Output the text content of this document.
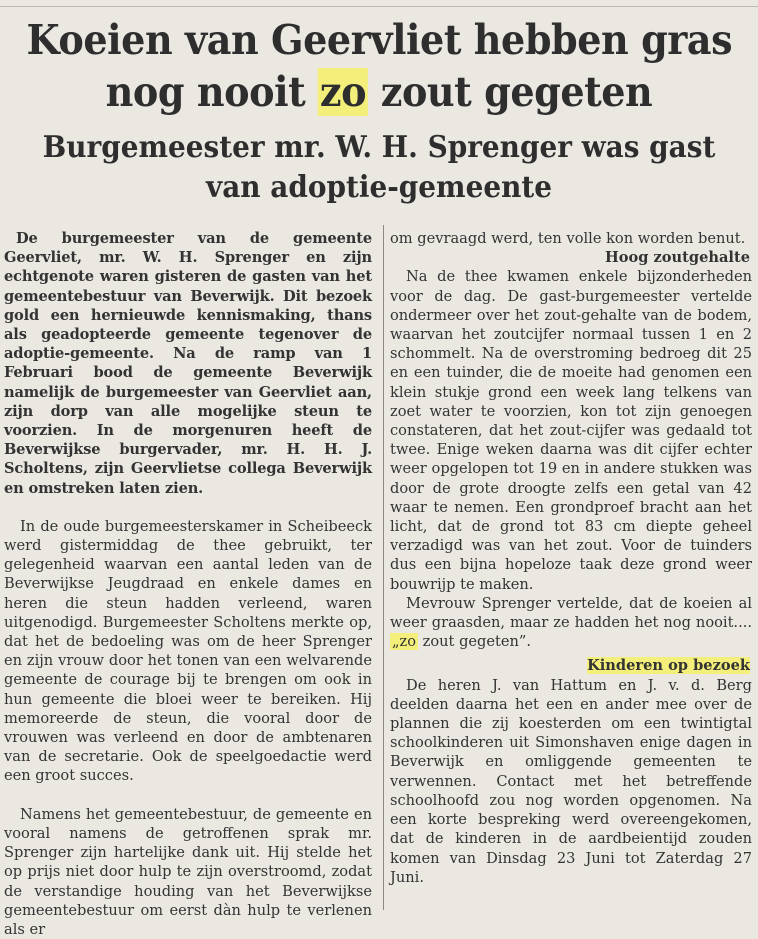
Koeien van Geervliet hebben gras
nog nooit zo zout gegeten
Burgemeester mr. W. H. Sprenger was gast
van adoptie-gemeente

De burgemeester van de gemeente Geervliet, mr. W. H. Sprenger en zijn echtgenote waren gisteren de gasten van het gemeentebestuur van Beverwijk. Dit bezoek gold een hernieuwde kennismaking, thans als geadopteerde gemeente tegenover de adoptie-gemeente. Na de ramp van 1 Februari bood de gemeente Beverwijk namelijk de burgemeester van Geervliet aan, zijn dorp van alle mogelijke steun te voorzien. In de morgenuren heeft de Beverwijkse burgervader, mr. H. H. J. Scholtens, zijn Geervlietse collega Beverwijk en omstreken laten zien.

In de oude burgemeesterskamer in Scheibeeck werd gistermiddag de thee gebruikt, ter gelegenheid waarvan een aantal leden van de Beverwijkse Jeugdraad en enkele dames en heren die steun hadden verleend, waren uitgenodigd. Burgemeester Scholtens merkte op, dat het de bedoeling was om de heer Sprenger en zijn vrouw door het tonen van een welvarende gemeente de courage bij te brengen om ook in hun gemeente die bloei weer te bereiken. Hij memoreerde de steun, die vooral door de vrouwen was verleend en door de ambtenaren van de secretarie. Ook de speelgoedactie werd een groot succes.

Namens het gemeentebestuur, de gemeente en vooral namens de getroffenen sprak mr. Sprenger zijn hartelijke dank uit. Hij stelde het op prijs niet door hulp te zijn overstroomd, zodat de verstandige houding van het Beverwijkse gemeentebestuur om eerst dàn hulp te verlenen als er

om gevraagd werd, ten volle kon worden benut.

Hoog zoutgehalte

Na de thee kwamen enkele bijzonderheden voor de dag. De gast-burgemeester vertelde ondermeer over het zout-gehalte van de bodem, waarvan het zoutcijfer normaal tussen 1 en 2 schommelt. Na de overstroming bedroeg dit 25 en een tuinder, die de moeite had genomen een klein stukje grond een week lang telkens van zoet water te voorzien, kon tot zijn genoegen constateren, dat het zout-cijfer was gedaald tot twee. Enige weken daarna was dit cijfer echter weer opgelopen tot 19 en in andere stukken was door de grote droogte zelfs een getal van 42 waar te nemen. Een grondproef bracht aan het licht, dat de grond tot 83 cm diepte geheel verzadigd was van het zout. Voor de tuinders dus een bijna hopeloze taak deze grond weer bouwrijp te maken.

Mevrouw Sprenger vertelde, dat de koeien al weer graasden, maar ze hadden het nog nooit.... „zo zout gegeten”.

Kinderen op bezoek

De heren J. van Hattum en J. v. d. Berg deelden daarna het een en ander mee over de plannen die zij koesterden om een twintigtal schoolkinderen uit Simonshaven enige dagen in Beverwijk en omliggende gemeenten te verwennen. Contact met het betreffende schoolhoofd zou nog worden opgenomen. Na een korte bespreking werd overeengekomen, dat de kinderen in de aardbeientijd zouden komen van Dinsdag 23 Juni tot Zaterdag 27 Juni.
